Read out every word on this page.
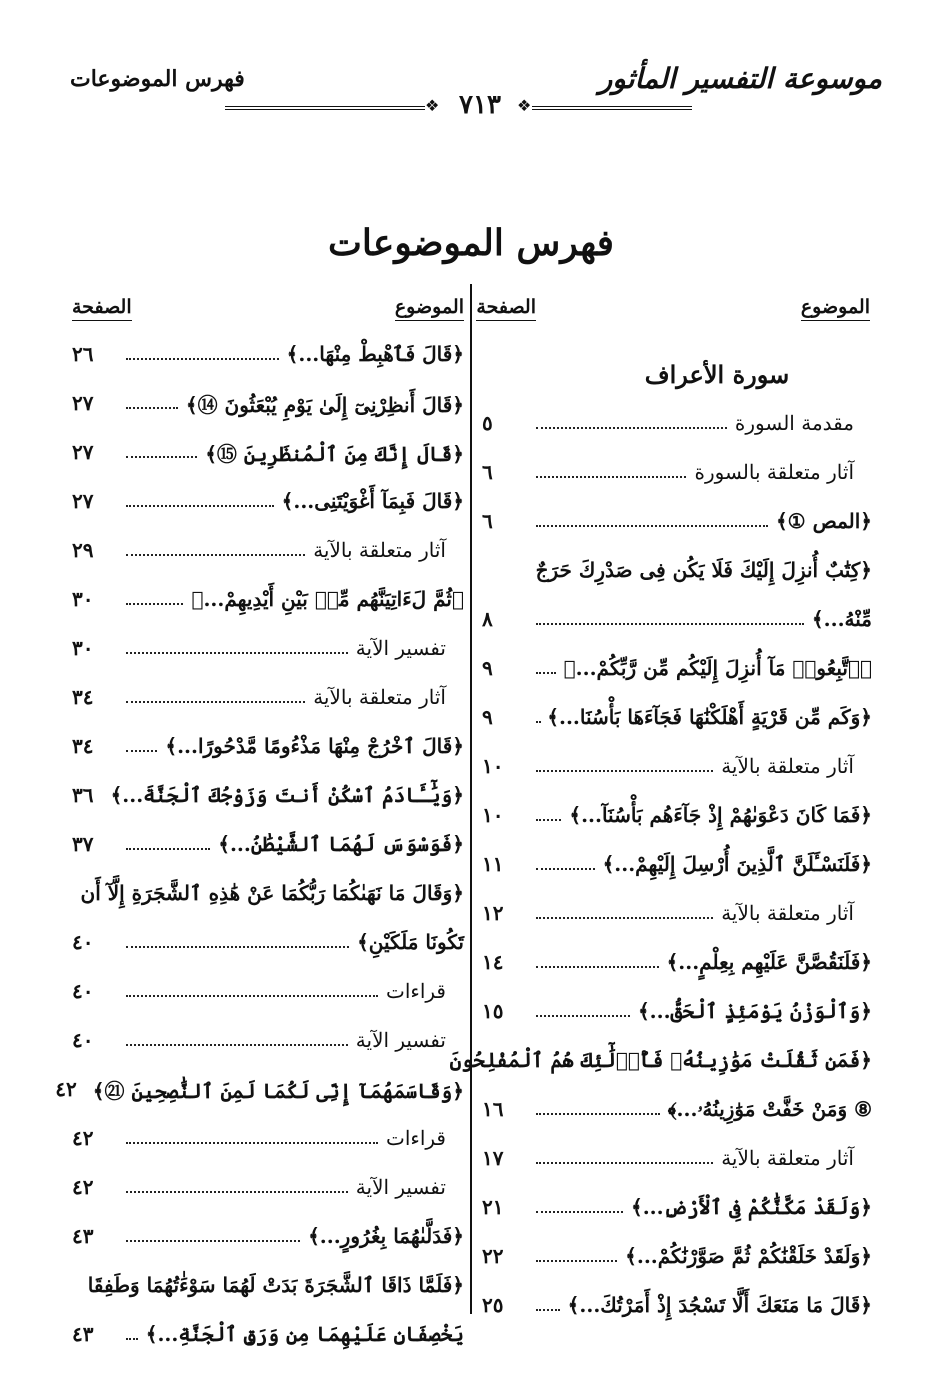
موسوعة التفسير المأثور
❖
٧١٣
❖
فهرس الموضوعات
فهرس الموضوعات
الموضوع
الصفحة
الموضوع
الصفحة
سورة الأعراف
مقدمة السورة
٥
آثار متعلقة بالسورة
٦
﴿المص ①﴾
٦
﴿كِتَٰبٌ أُنزِلَ إِلَيْكَ فَلَا يَكُن فِى صَدْرِكَ حَرَجٌ
مِّنْهُ...﴾
٨
﴿ٱتَّبِعُوا۟ مَآ أُنزِلَ إِلَيْكُم مِّن رَّبِّكُمْ...﴾
٩
﴿وَكَم مِّن قَرْيَةٍ أَهْلَكْنَٰهَا فَجَآءَهَا بَأْسُنَا...﴾
٩
آثار متعلقة بالآية
١٠
﴿فَمَا كَانَ دَعْوَىٰهُمْ إِذْ جَآءَهُم بَأْسُنَآ...﴾
١٠
﴿فَلَنَسْـَٔلَنَّ ٱلَّذِينَ أُرْسِلَ إِلَيْهِمْ...﴾
١١
آثار متعلقة بالآية
١٢
﴿فَلَنَقُصَّنَّ عَلَيْهِم بِعِلْمٍ...﴾
١٤
﴿وَٱلْوَزْنُ يَوْمَئِذٍ ٱلْحَقُّ...﴾
١٥
﴿فَمَن ثَقُلَتْ مَوَٰزِينُهُۥ فَأُو۟لَٰٓئِكَ هُمُ ٱلْمُفْلِحُونَ
⑧ وَمَنْ خَفَّتْ مَوَٰزِينُهُۥ...﴾
١٦
آثار متعلقة بالآية
١٧
﴿وَلَقَدْ مَكَّنَّٰكُمْ فِى ٱلْأَرْضِ...﴾
٢١
﴿وَلَقَدْ خَلَقْنَٰكُمْ ثُمَّ صَوَّرْنَٰكُمْ...﴾
٢٢
﴿قَالَ مَا مَنَعَكَ أَلَّا تَسْجُدَ إِذْ أَمَرْتُكَ...﴾
٢٥
﴿قَالَ فَٱهْبِطْ مِنْهَا...﴾
٢٦
﴿قَالَ أَنظِرْنِىٓ إِلَىٰ يَوْمِ يُبْعَثُونَ ⑭﴾
٢٧
﴿قَالَ إِنَّكَ مِنَ ٱلْمُنظَرِينَ ⑮﴾
٢٧
﴿قَالَ فَبِمَآ أَغْوَيْتَنِى...﴾
٢٧
آثار متعلقة بالآية
٢٩
﴿ثُمَّ لَءَاتِيَنَّهُم مِّنۢ بَيْنِ أَيْدِيهِمْ...﴾
٣٠
تفسير الآية
٣٠
آثار متعلقة بالآية
٣٤
﴿قَالَ ٱخْرُجْ مِنْهَا مَذْءُومًا مَّدْحُورًا...﴾
٣٤
﴿وَيَٰٓـَٔادَمُ ٱسْكُنْ أَنتَ وَزَوْجُكَ ٱلْجَنَّةَ...﴾
٣٦
﴿فَوَسْوَسَ لَهُمَا ٱلشَّيْطَٰنُ...﴾
٣٧
﴿وَقَالَ مَا نَهَىٰكُمَا رَبُّكُمَا عَنْ هَٰذِهِ ٱلشَّجَرَةِ إِلَّآ أَن
تَكُونَا مَلَكَيْنِ﴾
٤٠
قراءات
٤٠
تفسير الآية
٤٠
﴿وَقَاسَمَهُمَآ إِنِّى لَكُمَا لَمِنَ ٱلنَّٰصِحِينَ ㉑﴾
٤٢
قراءات
٤٢
تفسير الآية
٤٢
﴿فَدَلَّىٰهُمَا بِغُرُورٍ...﴾
٤٣
﴿فَلَمَّا ذَاقَا ٱلشَّجَرَةَ بَدَتْ لَهُمَا سَوْءَٰتُهُمَا وَطَفِقَا
يَخْصِفَانِ عَلَيْهِمَا مِن وَرَقِ ٱلْجَنَّةِ...﴾
٤٣
